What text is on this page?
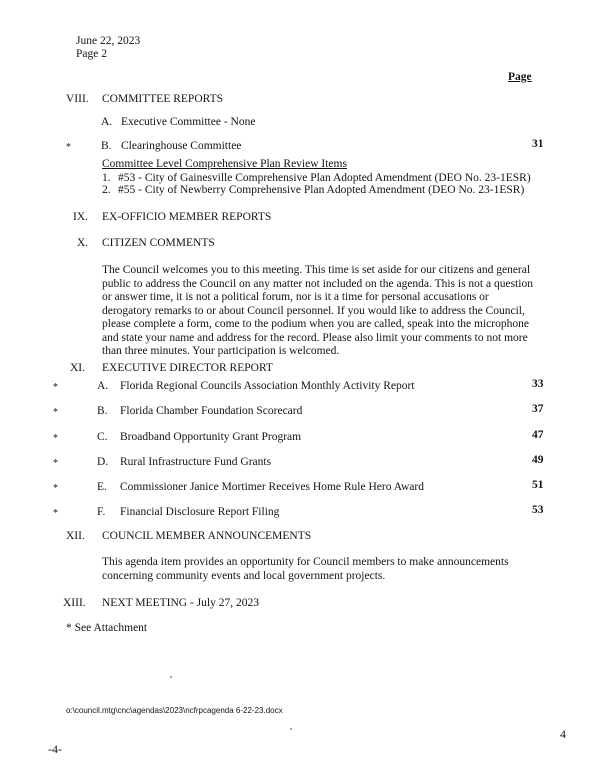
June 22, 2023
Page 2
Page
VIII. COMMITTEE REPORTS
A. Executive Committee - None
*	B. Clearinghouse Committee	31
Committee Level Comprehensive Plan Review Items
1. #53 - City of Gainesville Comprehensive Plan Adopted Amendment (DEO No. 23-1ESR)
2. #55 - City of Newberry Comprehensive Plan Adopted Amendment (DEO No. 23-1ESR)
IX. EX-OFFICIO MEMBER REPORTS
X. CITIZEN COMMENTS
The Council welcomes you to this meeting. This time is set aside for our citizens and general public to address the Council on any matter not included on the agenda. This is not a question or answer time, it is not a political forum, nor is it a time for personal accusations or derogatory remarks to or about Council personnel. If you would like to address the Council, please complete a form, come to the podium when you are called, speak into the microphone and state your name and address for the record. Please also limit your comments to not more than three minutes. Your participation is welcomed.
XI. EXECUTIVE DIRECTOR REPORT
*	A. Florida Regional Councils Association Monthly Activity Report	33
*	B. Florida Chamber Foundation Scorecard	37
*	C. Broadband Opportunity Grant Program	47
*	D. Rural Infrastructure Fund Grants	49
*	E. Commissioner Janice Mortimer Receives Home Rule Hero Award	51
*	F. Financial Disclosure Report Filing	53
XII. COUNCIL MEMBER ANNOUNCEMENTS
This agenda item provides an opportunity for Council members to make announcements concerning community events and local government projects.
XIII. NEXT MEETING - July 27, 2023
* See Attachment
o:\council.mtg\cnc\agendas\2023\ncfrpcagenda 6-22-23.docx
-4-
4
